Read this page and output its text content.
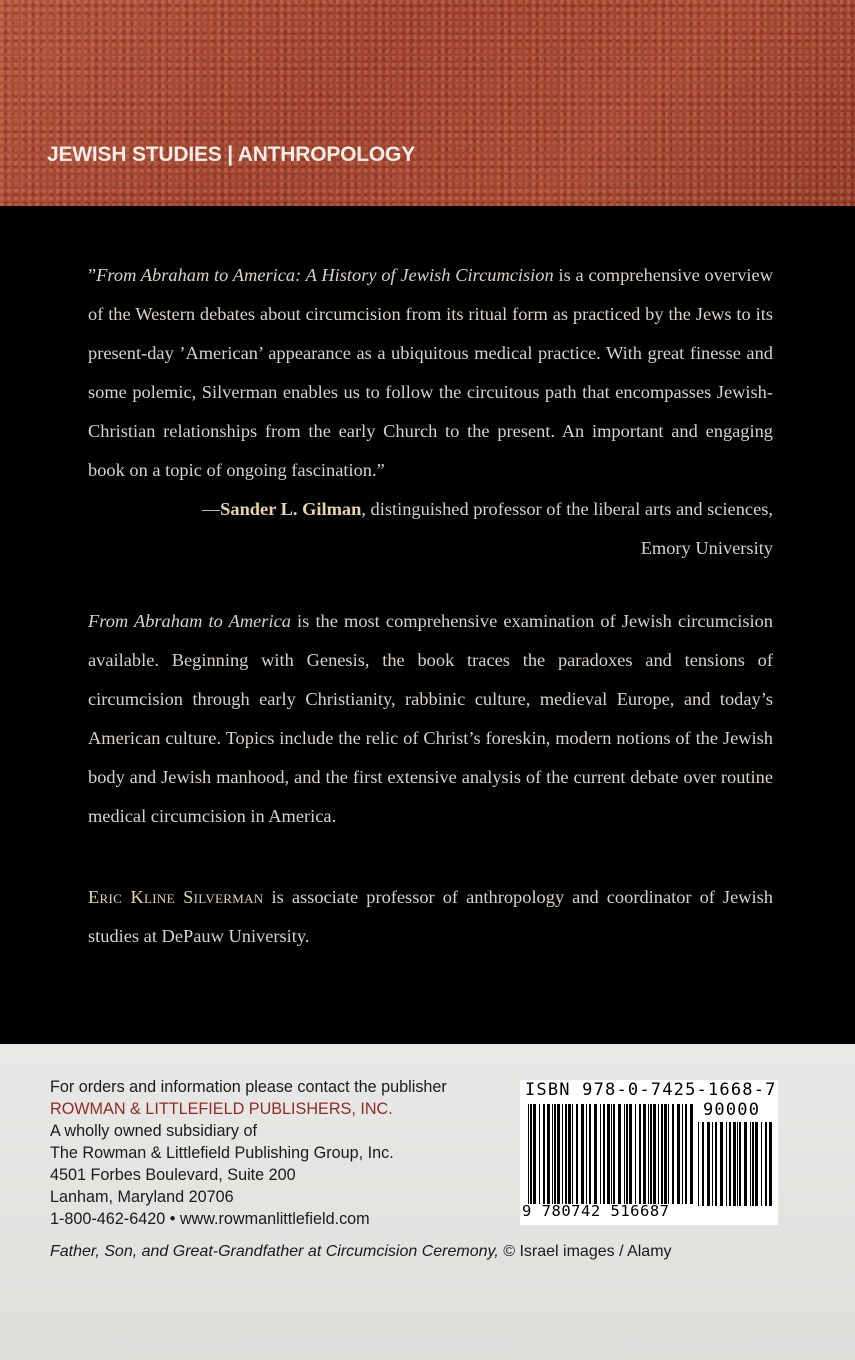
JEWISH STUDIES | ANTHROPOLOGY
”From Abraham to America: A History of Jewish Circumcision is a comprehensive overview of the Western debates about circumcision from its ritual form as practiced by the Jews to its present-day ’American’ appearance as a ubiquitous medical practice. With great finesse and some polemic, Silverman enables us to follow the circuitous path that encompasses Jewish-Christian relationships from the early Church to the present. An important and engaging book on a topic of ongoing fascination.”
—Sander L. Gilman, distinguished professor of the liberal arts and sciences,
Emory University
From Abraham to America is the most comprehensive examination of Jewish circumcision available. Beginning with Genesis, the book traces the paradoxes and tensions of circumcision through early Christianity, rabbinic culture, medieval Europe, and today’s American culture. Topics include the relic of Christ’s foreskin, modern notions of the Jewish body and Jewish manhood, and the first extensive analysis of the current debate over routine medical circumcision in America.
Eric Kline Silverman is associate professor of anthropology and coordinator of Jewish studies at DePauw University.
For orders and information please contact the publisher
ROWMAN & LITTLEFIELD PUBLISHERS, INC.
A wholly owned subsidiary of
The Rowman & Littlefield Publishing Group, Inc.
4501 Forbes Boulevard, Suite 200
Lanham, Maryland 20706
1-800-462-6420 • www.rowmanlittlefield.com
ISBN 978-0-7425-1668-7
90000
9 780742 516687
Father, Son, and Great-Grandfather at Circumcision Ceremony, © Israel images / Alamy
